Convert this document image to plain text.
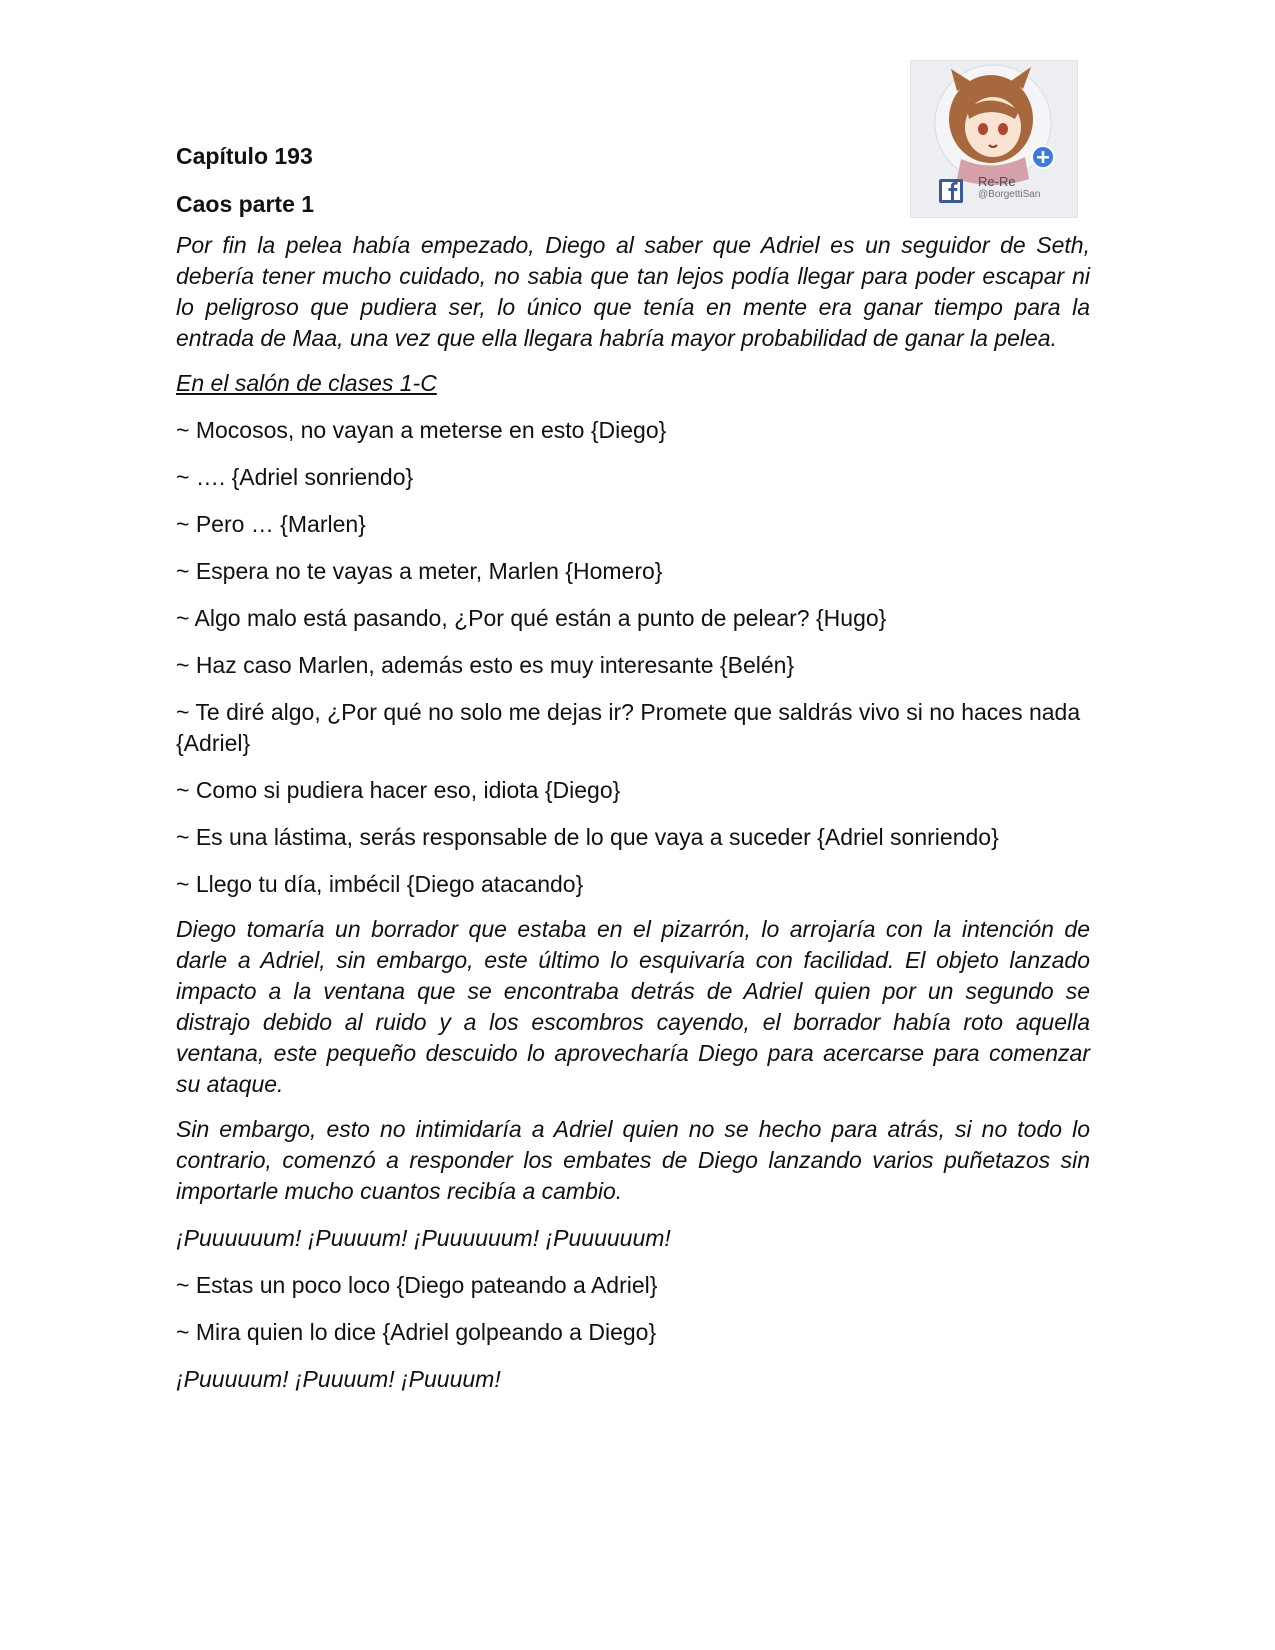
Re-Re
@BorgettiSan
Capítulo 193
Caos parte 1

Por fin la pelea había empezado, Diego al saber que Adriel es un seguidor de Seth, debería tener mucho cuidado, no sabia que tan lejos podía llegar para poder escapar ni lo peligroso que pudiera ser, lo único que tenía en mente era ganar tiempo para la entrada de Maa, una vez que ella llegara habría mayor probabilidad de ganar la pelea.

En el salón de clases 1-C

~ Mocosos, no vayan a meterse en esto {Diego}

~ …. {Adriel sonriendo}

~ Pero … {Marlen}

~ Espera no te vayas a meter, Marlen {Homero}

~ Algo malo está pasando, ¿Por qué están a punto de pelear? {Hugo}

~ Haz caso Marlen, además esto es muy interesante {Belén}

~ Te diré algo, ¿Por qué no solo me dejas ir? Promete que saldrás vivo si no haces nada {Adriel}

~ Como si pudiera hacer eso, idiota {Diego}

~ Es una lástima, serás responsable de lo que vaya a suceder {Adriel sonriendo}

~ Llego tu día, imbécil {Diego atacando}

Diego tomaría un borrador que estaba en el pizarrón, lo arrojaría con la intención de darle a Adriel, sin embargo, este último lo esquivaría con facilidad. El objeto lanzado impacto a la ventana que se encontraba detrás de Adriel quien por un segundo se distrajo debido al ruido y a los escombros cayendo, el borrador había roto aquella ventana, este pequeño descuido lo aprovecharía Diego para acercarse para comenzar su ataque.

Sin embargo, esto no intimidaría a Adriel quien no se hecho para atrás, si no todo lo contrario, comenzó a responder los embates de Diego lanzando varios puñetazos sin importarle mucho cuantos recibía a cambio.

¡Puuuuuum! ¡Puuuum! ¡Puuuuuum! ¡Puuuuuum!

~ Estas un poco loco {Diego pateando a Adriel}

~ Mira quien lo dice {Adriel golpeando a Diego}

¡Puuuuum! ¡Puuuum! ¡Puuuum!
